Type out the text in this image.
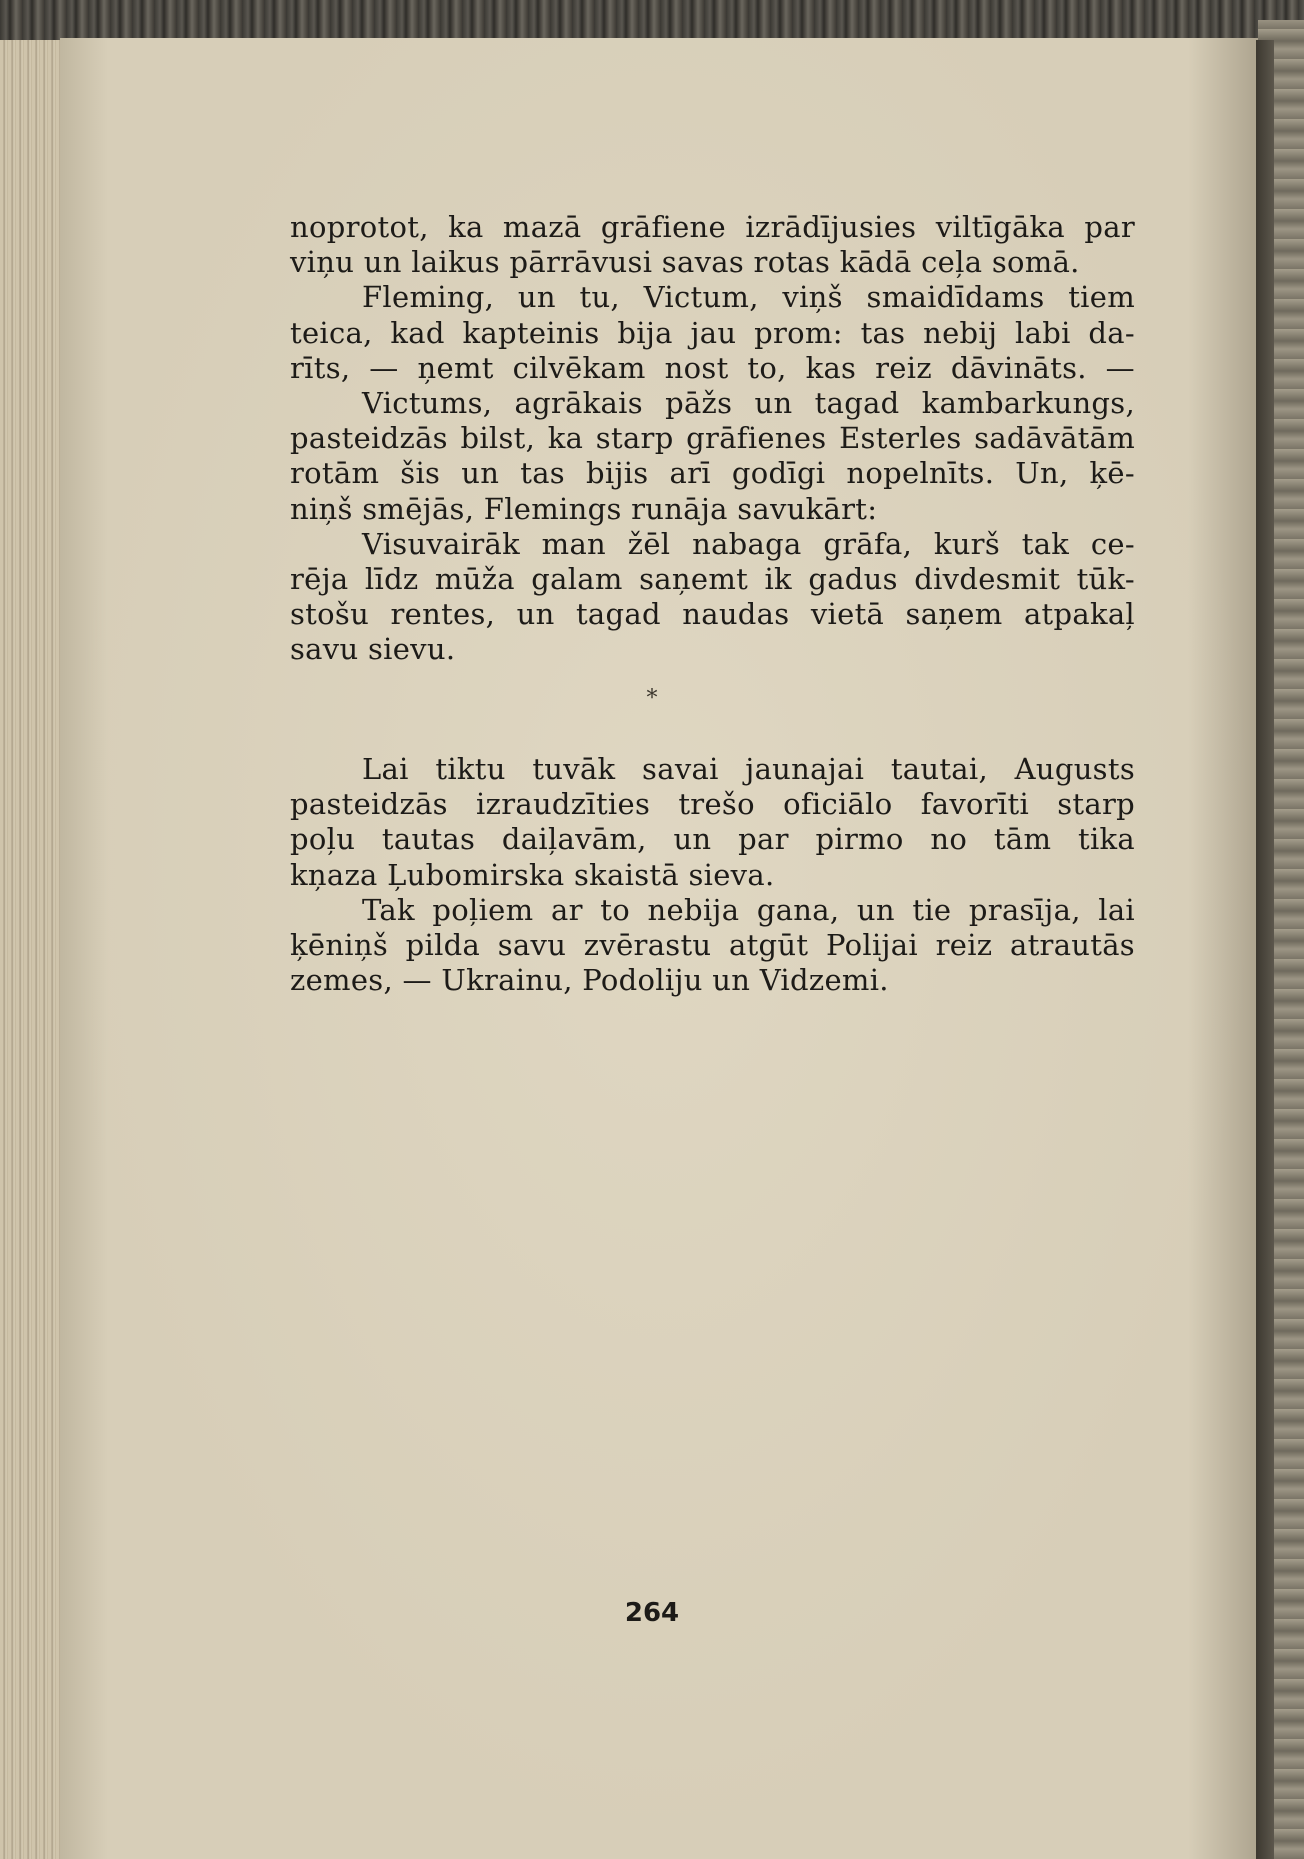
noprotot, ka mazā grāfiene izrādījusies viltīgāka par
viņu un laikus pārrāvusi savas rotas kādā ceļa somā.

Fleming, un tu, Victum, viņš smaidīdams tiem
teica, kad kapteinis bija jau prom: tas nebij labi da-
rīts, — ņemt cilvēkam nost to, kas reiz dāvināts. —

Victums, agrākais pāžs un tagad kambarkungs,
pasteidzās bilst, ka starp grāfienes Esterles sadāvātām
rotām šis un tas bijis arī godīgi nopelnīts. Un, ķē-
niņš smējās, Flemings runāja savukārt:

Visuvairāk man žēl nabaga grāfa, kurš tak ce-
rēja līdz mūža galam saņemt ik gadus divdesmit tūk-
stošu rentes, un tagad naudas vietā saņem atpakaļ
savu sievu.

*

Lai tiktu tuvāk savai jaunajai tautai, Augusts
pasteidzās izraudzīties trešo oficiālo favorīti starp
poļu tautas daiļavām, un par pirmo no tām tika
kņaza Ļubomirska skaistā sieva.

Tak poļiem ar to nebija gana, un tie prasīja, lai
ķēniņš pilda savu zvērastu atgūt Polijai reiz atrautās
zemes, — Ukrainu, Podoliju un Vidzemi.

264
